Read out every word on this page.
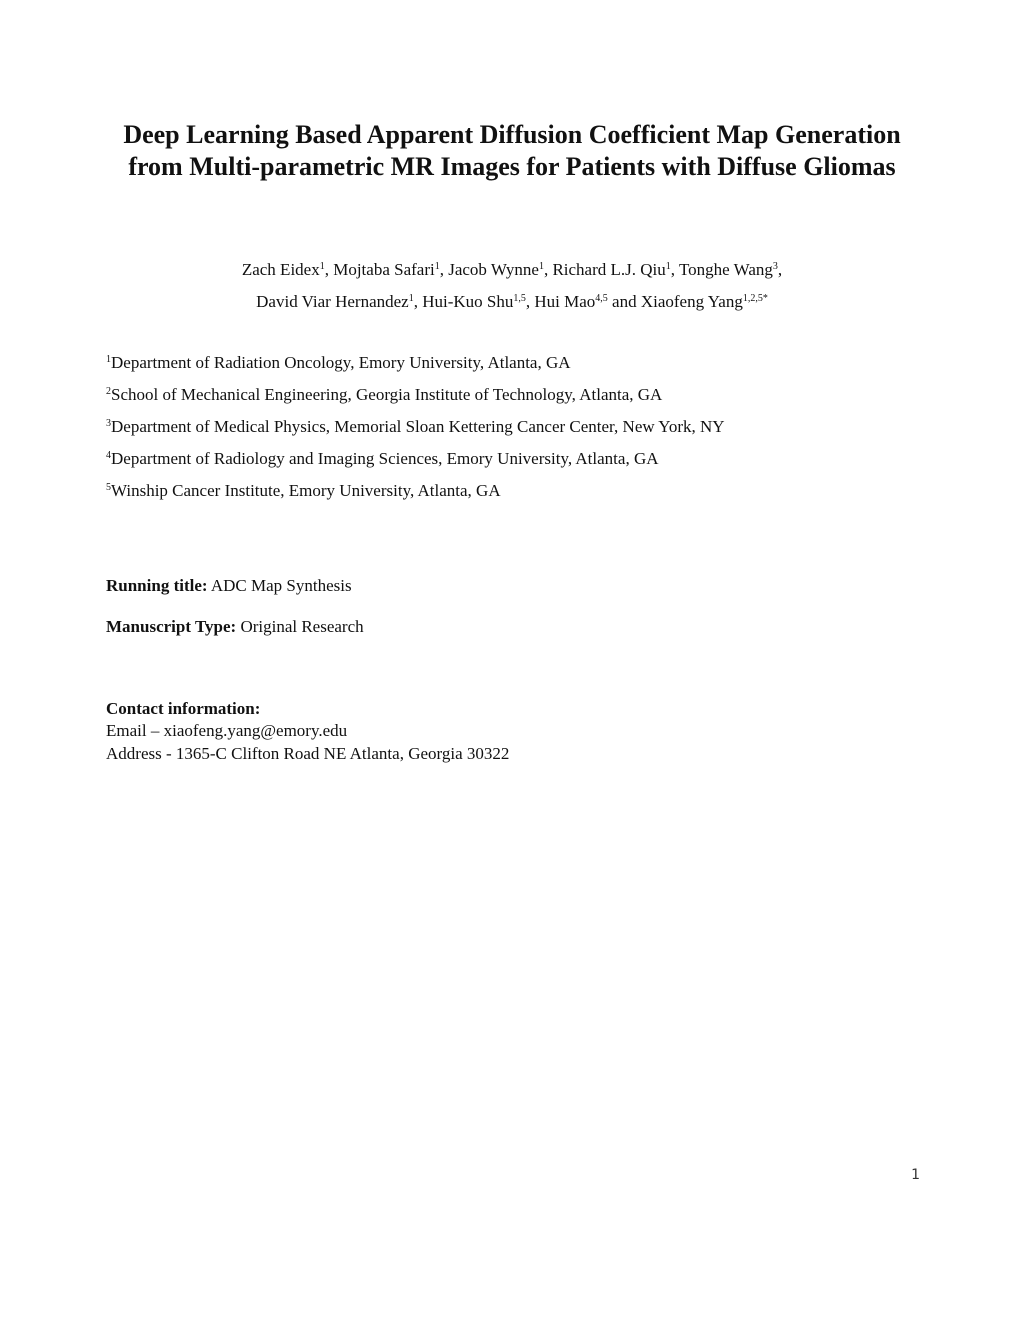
Deep Learning Based Apparent Diffusion Coefficient Map Generation
from Multi-parametric MR Images for Patients with Diffuse Gliomas
Zach Eidex$^1$, Mojtaba Safari$^1$, Jacob Wynne$^1$, Richard L.J. Qiu$^1$, Tonghe Wang$^3$,
David Viar Hernandez$^1$, Hui-Kuo Shu$^{1,5}$, Hui Mao$^{4,5}$ and Xiaofeng Yang$^{1,2,5*}$
$^1$Department of Radiation Oncology, Emory University, Atlanta, GA
$^2$School of Mechanical Engineering, Georgia Institute of Technology, Atlanta, GA
$^3$Department of Medical Physics, Memorial Sloan Kettering Cancer Center, New York, NY
$^4$Department of Radiology and Imaging Sciences, Emory University, Atlanta, GA
$^5$Winship Cancer Institute, Emory University, Atlanta, GA
Running title: ADC Map Synthesis
Manuscript Type: Original Research
Contact information:
Email – xiaofeng.yang@emory.edu
Address - 1365-C Clifton Road NE Atlanta, Georgia 30322
1
